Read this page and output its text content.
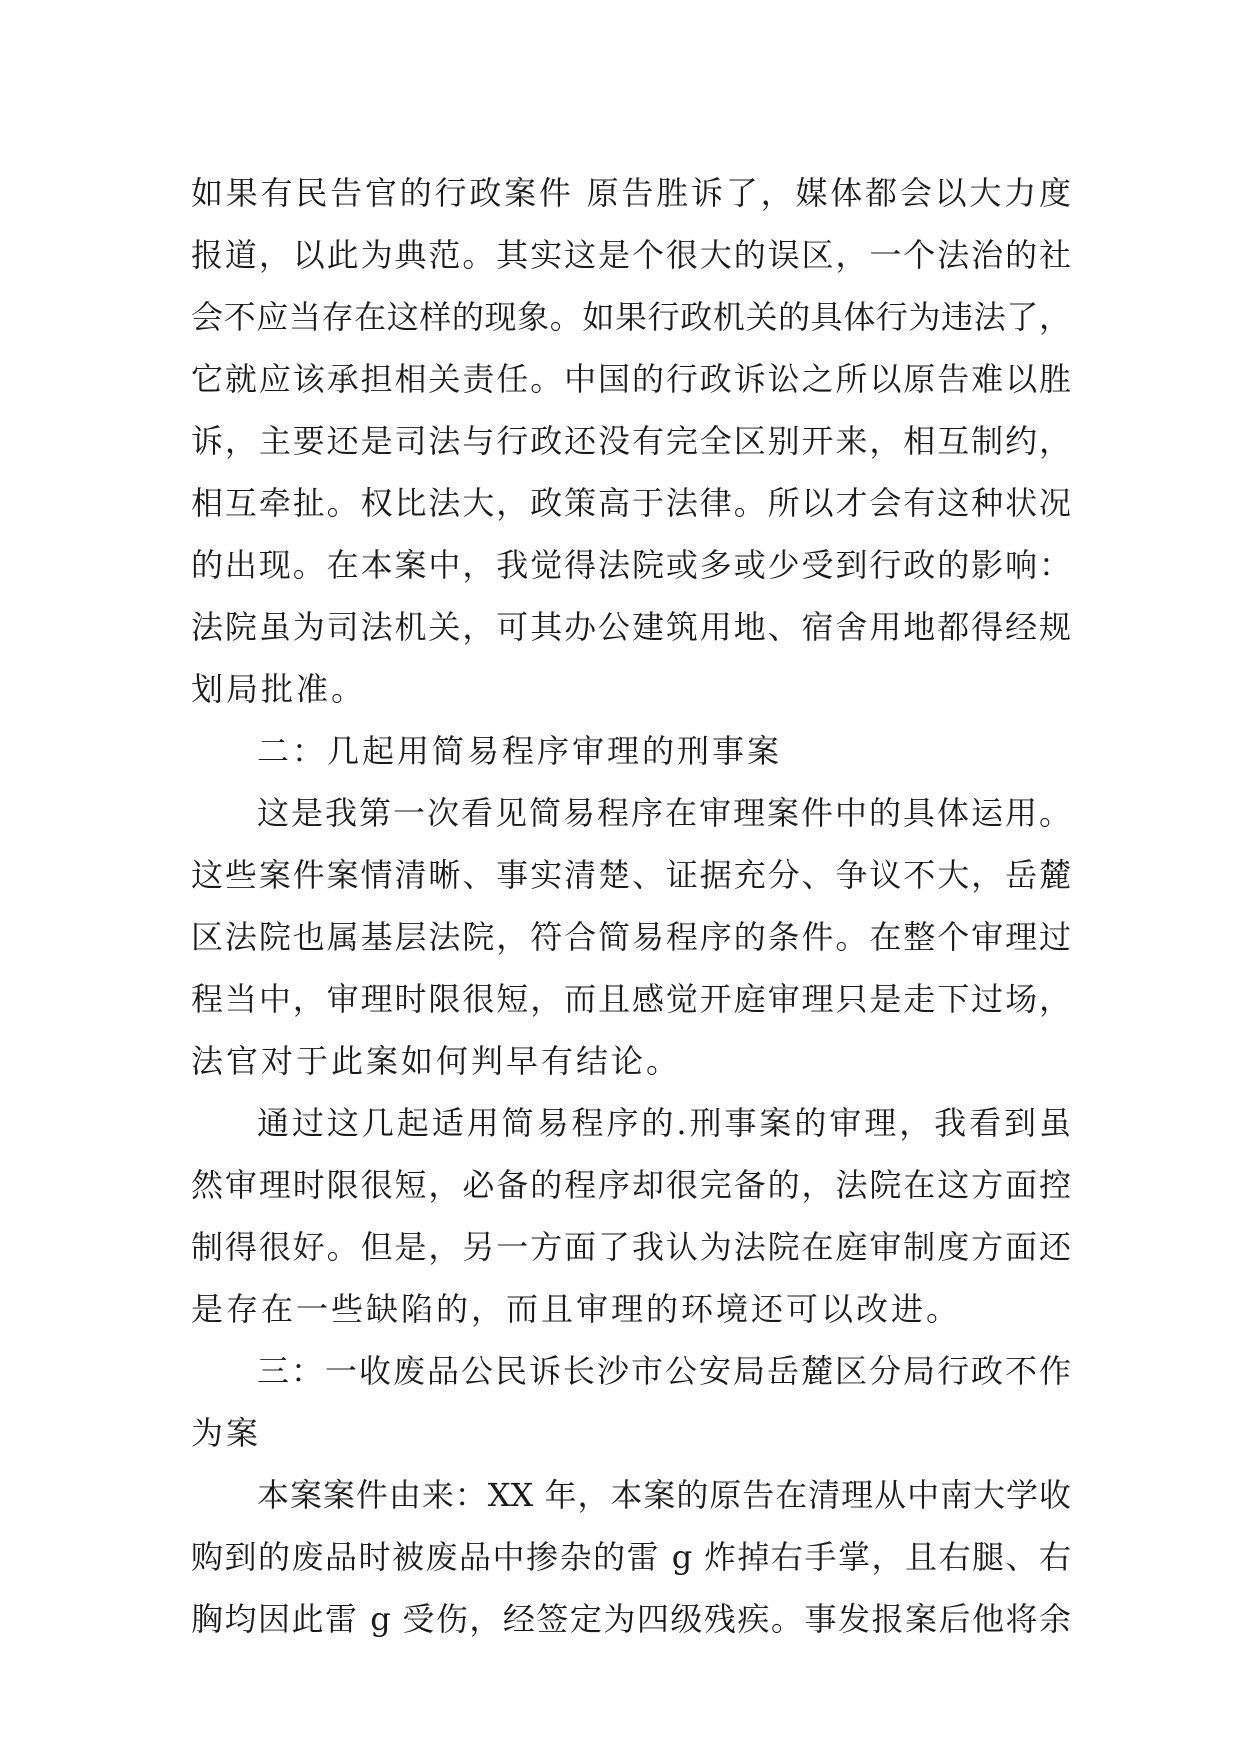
如果有民告官的行政案件 原告胜诉了，媒体都会以大力度
报道，以此为典范。其实这是个很大的误区，一个法治的社
会不应当存在这样的现象。如果行政机关的具体行为违法了，
它就应该承担相关责任。中国的行政诉讼之所以原告难以胜
诉，主要还是司法与行政还没有完全区别开来，相互制约，
相互牵扯。权比法大，政策高于法律。所以才会有这种状况
的出现。在本案中，我觉得法院或多或少受到行政的影响：
法院虽为司法机关，可其办公建筑用地、宿舍用地都得经规
划局批准。
二：几起用简易程序审理的刑事案
这是我第一次看见简易程序在审理案件中的具体运用。
这些案件案情清晰、事实清楚、证据充分、争议不大，岳麓
区法院也属基层法院，符合简易程序的条件。在整个审理过
程当中，审理时限很短，而且感觉开庭审理只是走下过场，
法官对于此案如何判早有结论。
通过这几起适用简易程序的.刑事案的审理，我看到虽
然审理时限很短，必备的程序却很完备的，法院在这方面控
制得很好。但是，另一方面了我认为法院在庭审制度方面还
是存在一些缺陷的，而且审理的环境还可以改进。
三：一收废品公民诉长沙市公安局岳麓区分局行政不作
为案
本案案件由来：XX 年，本案的原告在清理从中南大学收
购到的废品时被废品中掺杂的雷 g 炸掉右手掌，且右腿、右
胸均因此雷 g 受伤，经签定为四级残疾。事发报案后他将余
